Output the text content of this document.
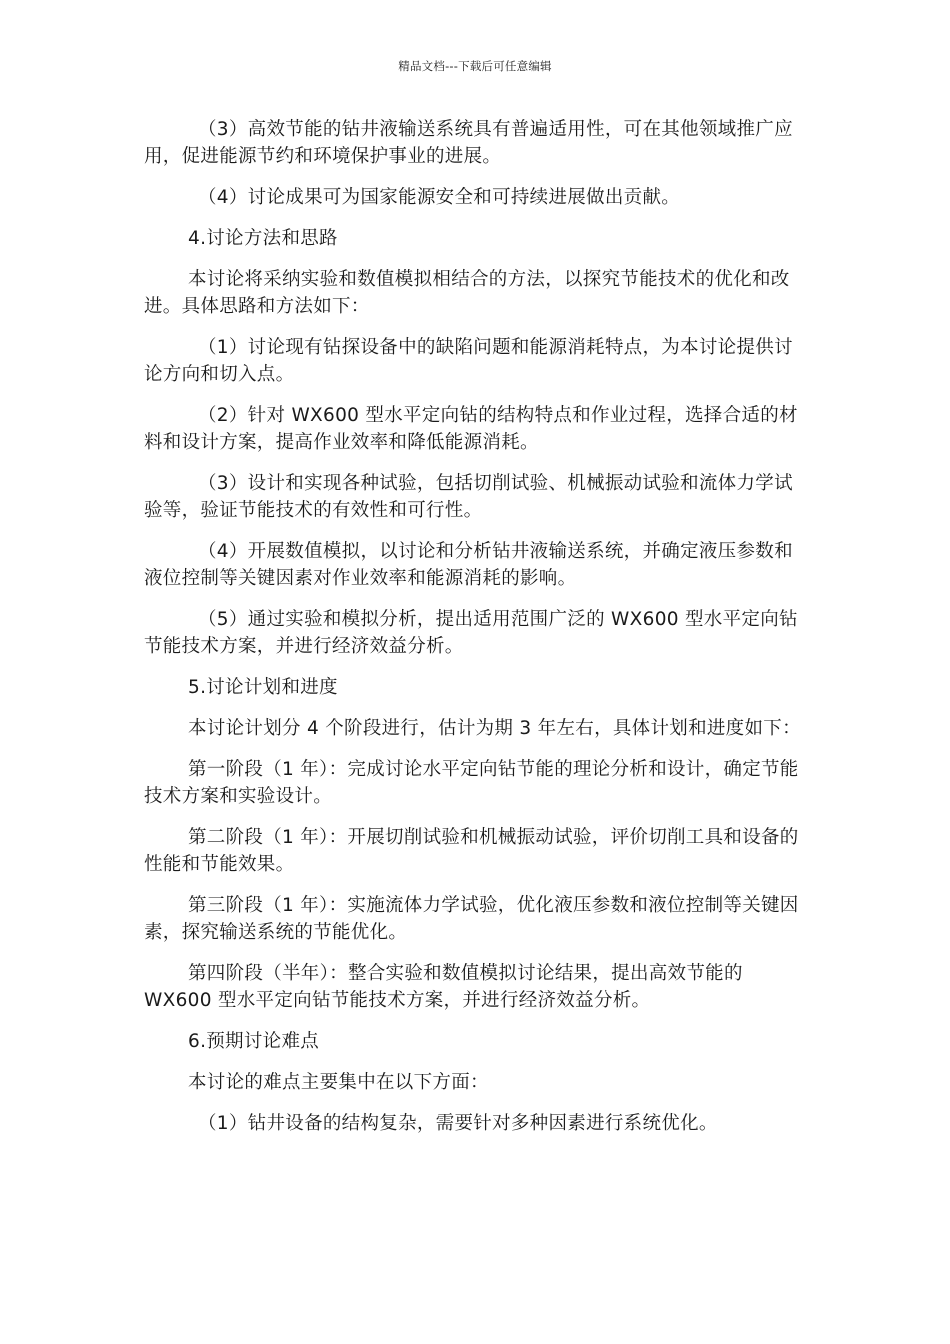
精品文档---下载后可任意编辑

（3）高效节能的钻井液输送系统具有普遍适用性，可在其他领域推广应用，促进能源节约和环境保护事业的进展。

（4）讨论成果可为国家能源安全和可持续进展做出贡献。

4.讨论方法和思路

本讨论将采纳实验和数值模拟相结合的方法，以探究节能技术的优化和改进。具体思路和方法如下：

（1）讨论现有钻探设备中的缺陷问题和能源消耗特点，为本讨论提供讨论方向和切入点。

（2）针对 WX600 型水平定向钻的结构特点和作业过程，选择合适的材料和设计方案，提高作业效率和降低能源消耗。

（3）设计和实现各种试验，包括切削试验、机械振动试验和流体力学试验等，验证节能技术的有效性和可行性。

（4）开展数值模拟，以讨论和分析钻井液输送系统，并确定液压参数和液位控制等关键因素对作业效率和能源消耗的影响。

（5）通过实验和模拟分析，提出适用范围广泛的 WX600 型水平定向钻节能技术方案，并进行经济效益分析。

5.讨论计划和进度

本讨论计划分 4 个阶段进行，估计为期 3 年左右，具体计划和进度如下：

第一阶段（1 年）：完成讨论水平定向钻节能的理论分析和设计，确定节能技术方案和实验设计。

第二阶段（1 年）：开展切削试验和机械振动试验，评价切削工具和设备的性能和节能效果。

第三阶段（1 年）：实施流体力学试验，优化液压参数和液位控制等关键因素，探究输送系统的节能优化。

第四阶段（半年）：整合实验和数值模拟讨论结果，提出高效节能的 WX600 型水平定向钻节能技术方案，并进行经济效益分析。

6.预期讨论难点

本讨论的难点主要集中在以下方面：

（1）钻井设备的结构复杂，需要针对多种因素进行系统优化。
